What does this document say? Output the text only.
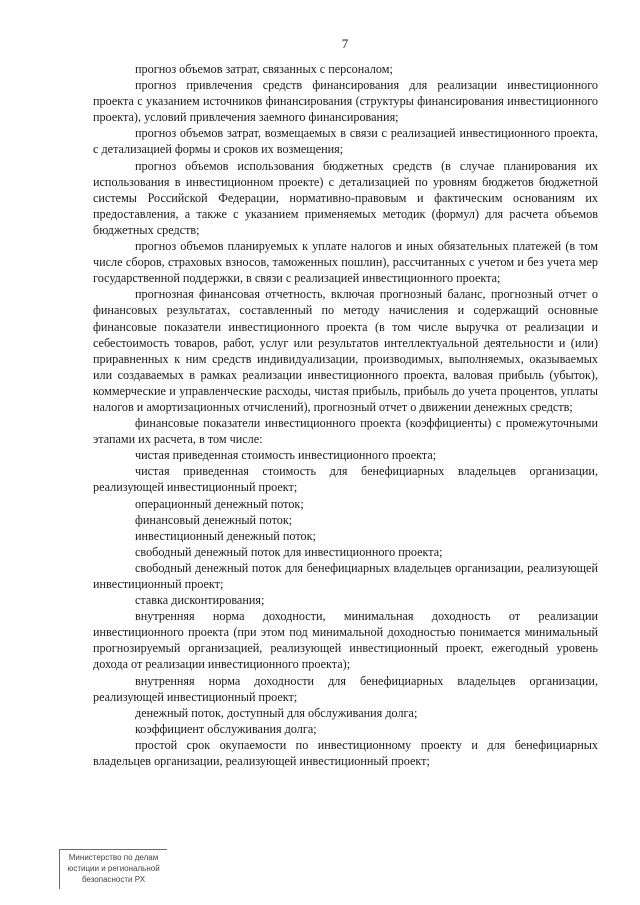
7

прогноз объемов затрат, связанных с персоналом;

прогноз привлечения средств финансирования для реализации инвестиционного проекта с указанием источников финансирования (структуры финансирования инвестиционного проекта), условий привлечения заемного финансирования;

прогноз объемов затрат, возмещаемых в связи с реализацией инвестиционного проекта, с детализацией формы и сроков их возмещения;

прогноз объемов использования бюджетных средств (в случае планирования их использования в инвестиционном проекте) с детализацией по уровням бюджетов бюджетной системы Российской Федерации, нормативно-правовым и фактическим основаниям их предоставления, а также с указанием применяемых методик (формул) для расчета объемов бюджетных средств;

прогноз объемов планируемых к уплате налогов и иных обязательных платежей (в том числе сборов, страховых взносов, таможенных пошлин), рассчитанных с учетом и без учета мер государственной поддержки, в связи с реализацией инвестиционного проекта;

прогнозная финансовая отчетность, включая прогнозный баланс, прогнозный отчет о финансовых результатах, составленный по методу начисления и содержащий основные финансовые показатели инвестиционного проекта (в том числе выручка от реализации и себестоимость товаров, работ, услуг или результатов интеллектуальной деятельности и (или) приравненных к ним средств индивидуализации, производимых, выполняемых, оказываемых или создаваемых в рамках реализации инвестиционного проекта, валовая прибыль (убыток), коммерческие и управленческие расходы, чистая прибыль, прибыль до учета процентов, уплаты налогов и амортизационных отчислений), прогнозный отчет о движении денежных средств;

финансовые показатели инвестиционного проекта (коэффициенты) с промежуточными этапами их расчета, в том числе:

чистая приведенная стоимость инвестиционного проекта;

чистая приведенная стоимость для бенефициарных владельцев организации, реализующей инвестиционный проект;

операционный денежный поток;

финансовый денежный поток;

инвестиционный денежный поток;

свободный денежный поток для инвестиционного проекта;

свободный денежный поток для бенефициарных владельцев организации, реализующей инвестиционный проект;

ставка дисконтирования;

внутренняя норма доходности, минимальная доходность от реализации инвестиционного проекта (при этом под минимальной доходностью понимается минимальный прогнозируемый организацией, реализующей инвестиционный проект, ежегодный уровень дохода от реализации инвестиционного проекта);

внутренняя норма доходности для бенефициарных владельцев организации, реализующей инвестиционный проект;

денежный поток, доступный для обслуживания долга;

коэффициент обслуживания долга;

простой срок окупаемости по инвестиционному проекту и для бенефициарных владельцев организации, реализующей инвестиционный проект;

Министерство по делам
юстиции и региональной
безопасности РХ
